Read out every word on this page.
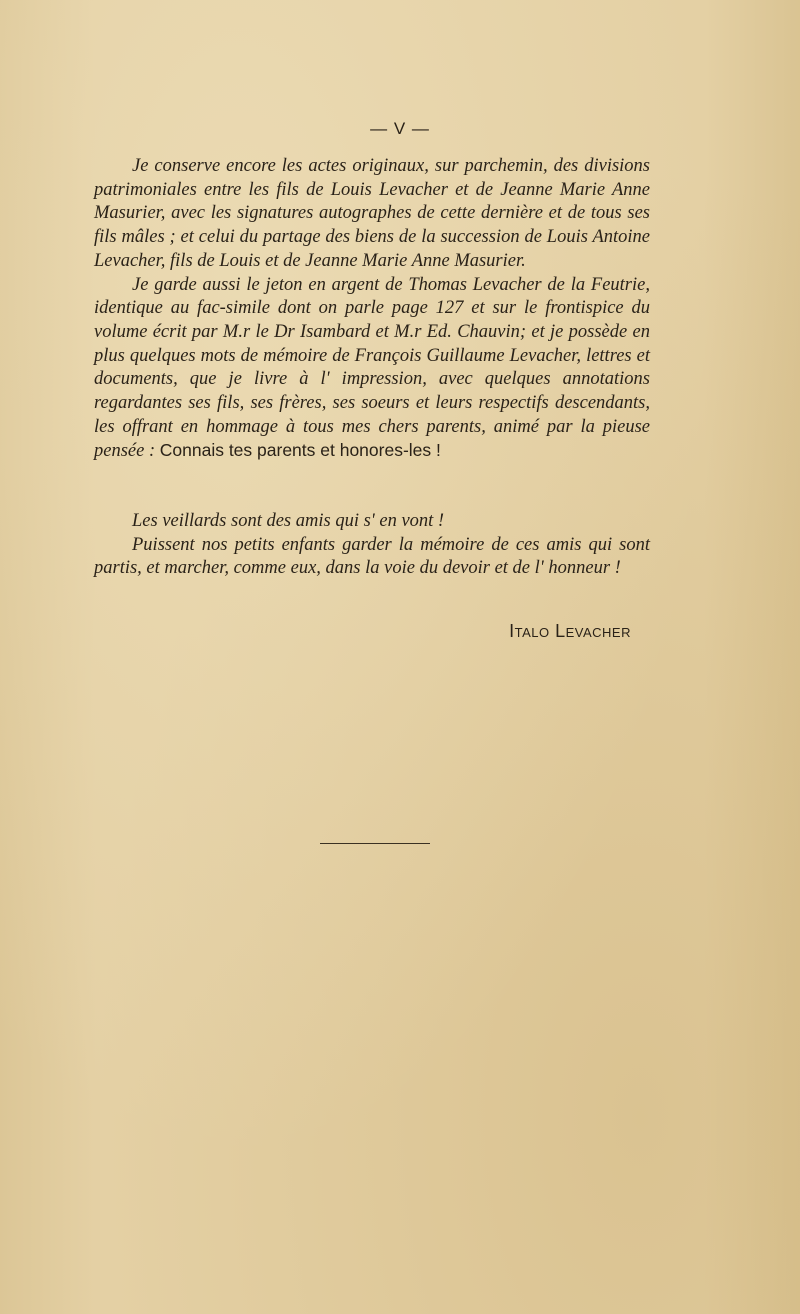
— V —

Je conserve encore les actes originaux, sur parchemin, des divisions patrimoniales entre les fils de Louis Levacher et de Jeanne Marie Anne Masurier, avec les signatures autographes de cette dernière et de tous ses fils mâles ; et celui du partage des biens de la succession de Louis Antoine Levacher, fils de Louis et de Jeanne Marie Anne Masurier.

Je garde aussi le jeton en argent de Thomas Levacher de la Feutrie, identique au fac-simile dont on parle page 127 et sur le frontispice du volume écrit par M.r le Dr Isambard et M.r Ed. Chauvin; et je possède en plus quelques mots de mémoire de François Guillaume Levacher, lettres et documents, que je livre à l' impression, avec quelques annotations regardantes ses fils, ses frères, ses soeurs et leurs respectifs descendants, les offrant en hommage à tous mes chers parents, animé par la pieuse pensée : Connais tes parents et honores-les !

Les veillards sont des amis qui s' en vont !

Puissent nos petits enfants garder la mémoire de ces amis qui sont partis, et marcher, comme eux, dans la voie du devoir et de l' honneur !

Italo Levacher
